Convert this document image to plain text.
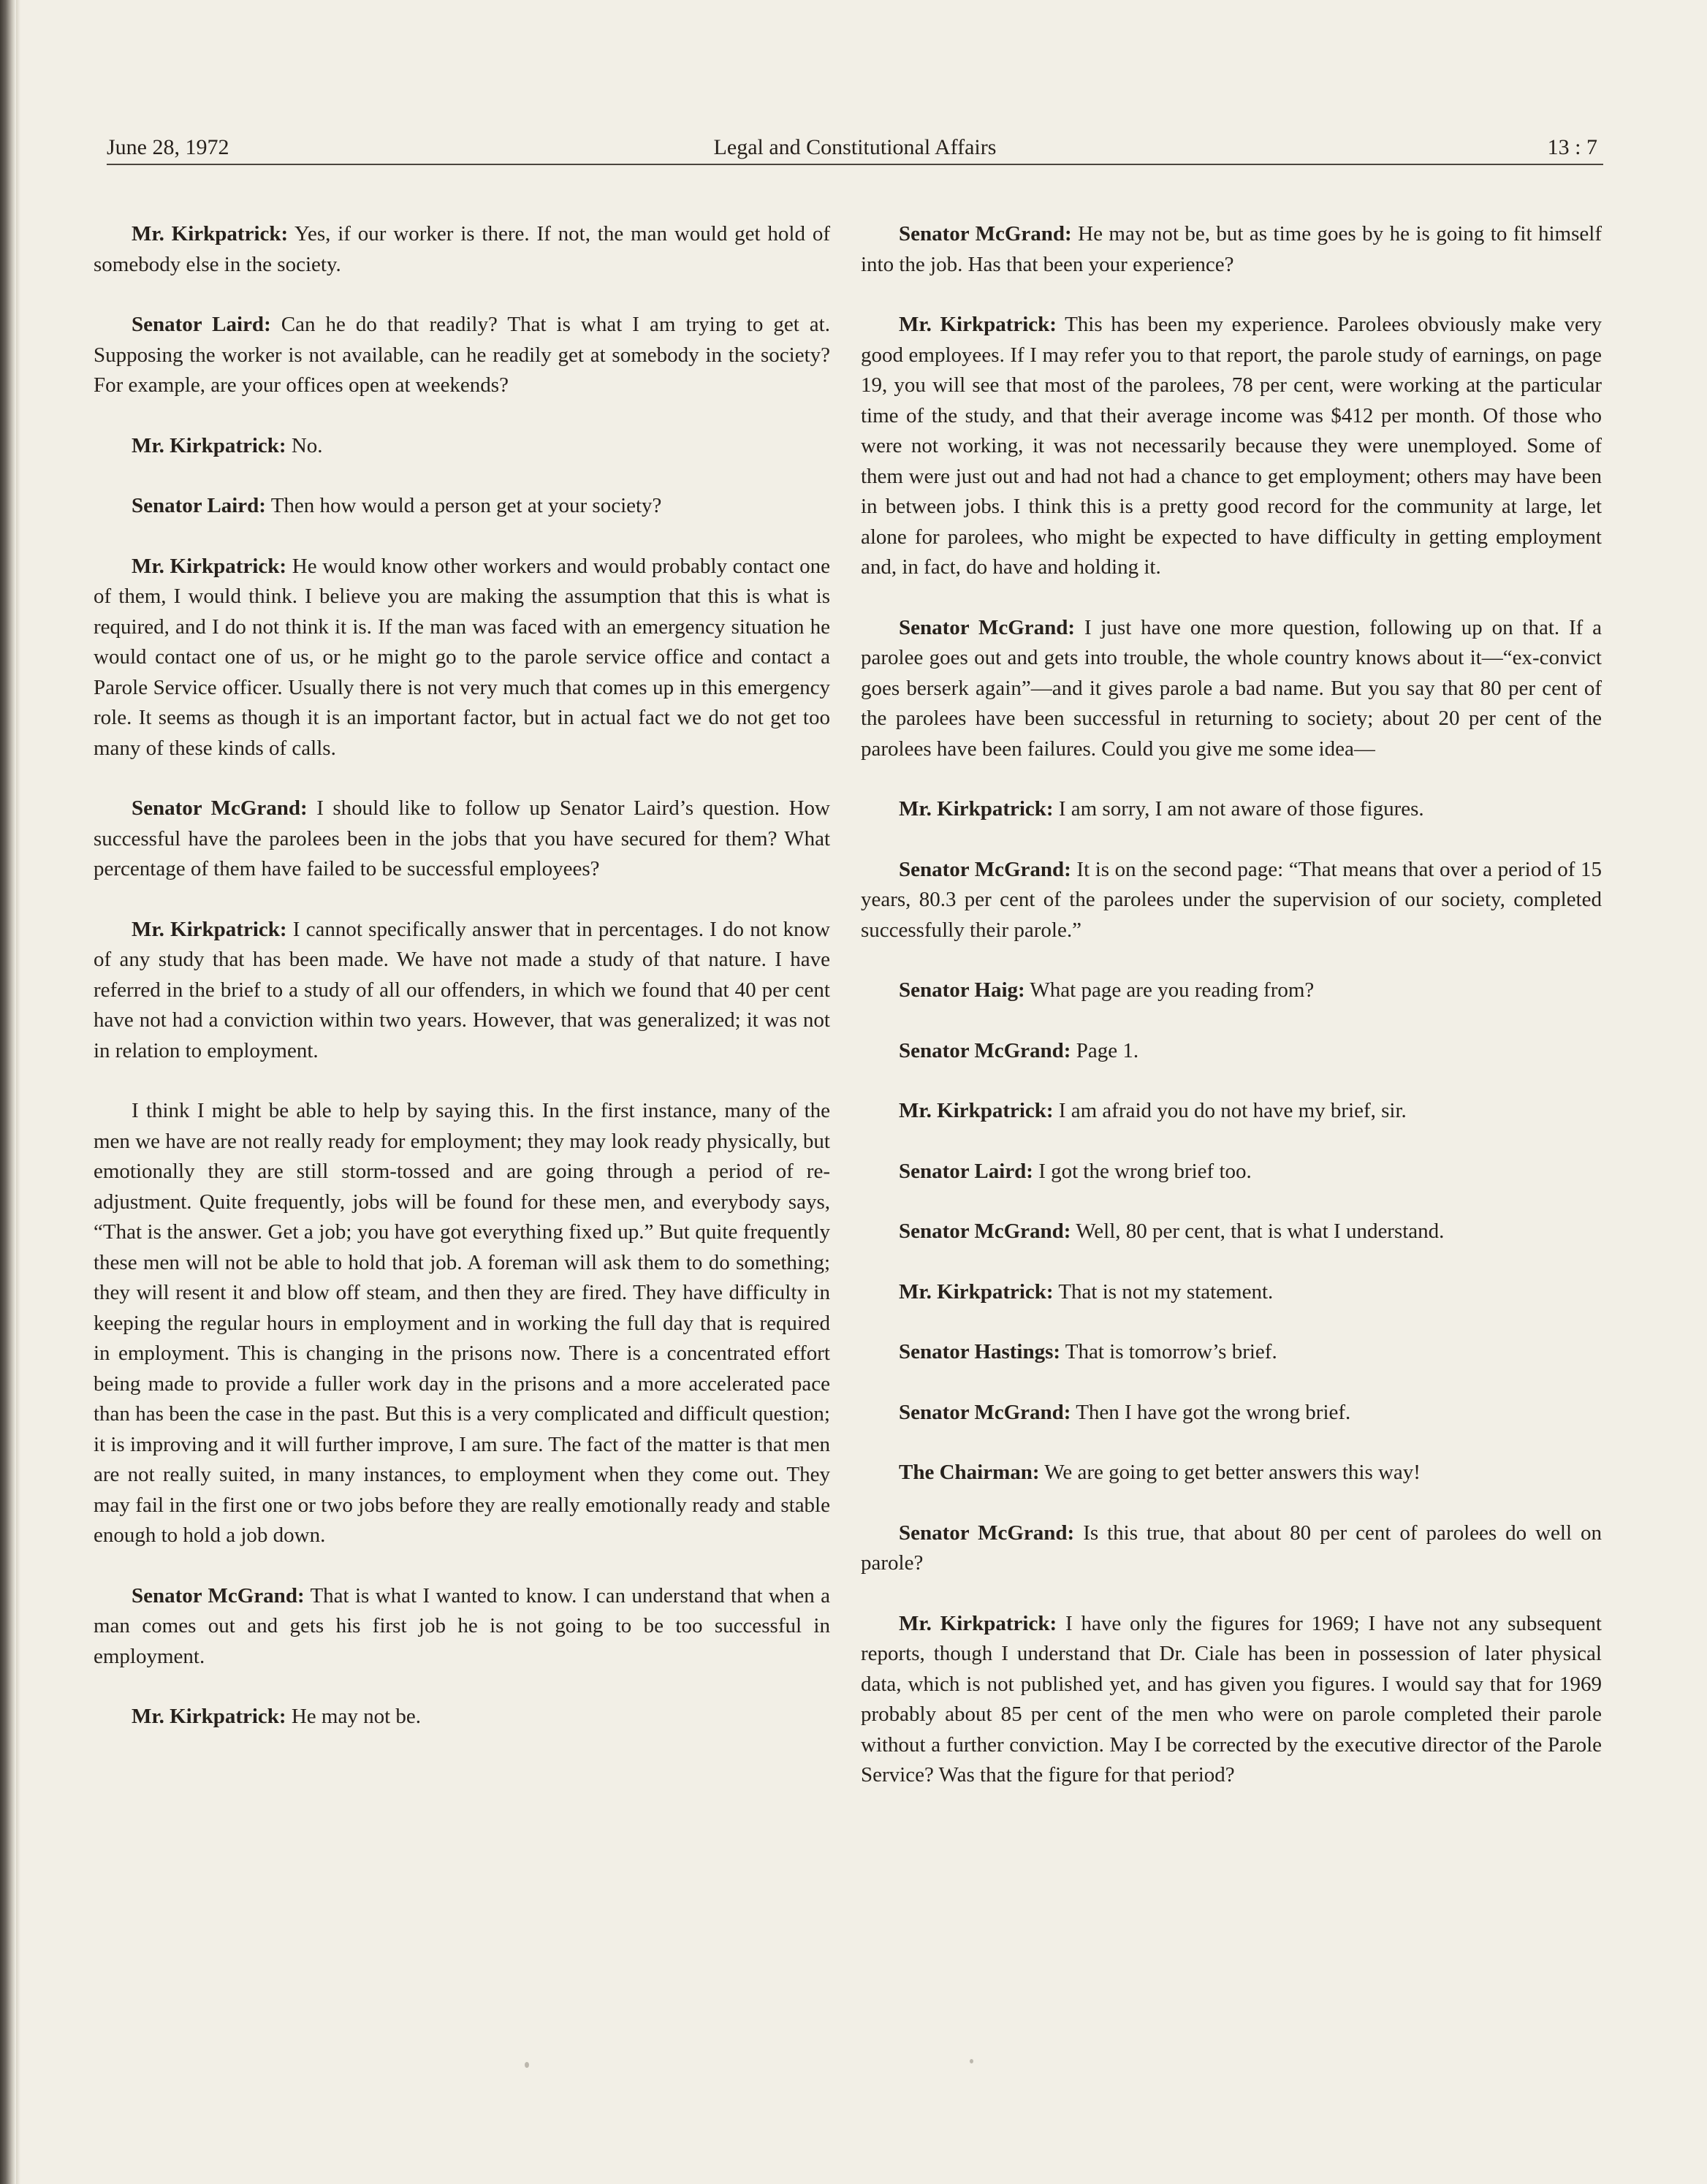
June 28, 1972	Legal and Constitutional Affairs	13 : 7

Mr. Kirkpatrick: Yes, if our worker is there. If not, the man would get hold of somebody else in the society.

Senator Laird: Can he do that readily? That is what I am trying to get at. Supposing the worker is not available, can he readily get at somebody in the society? For example, are your offices open at weekends?

Mr. Kirkpatrick: No.

Senator Laird: Then how would a person get at your society?

Mr. Kirkpatrick: He would know other workers and would probably contact one of them, I would think. I believe you are making the assumption that this is what is required, and I do not think it is. If the man was faced with an emergency situation he would contact one of us, or he might go to the parole service office and contact a Parole Service officer. Usually there is not very much that comes up in this emergency role. It seems as though it is an important factor, but in actual fact we do not get too many of these kinds of calls.

Senator McGrand: I should like to follow up Senator Laird’s question. How successful have the parolees been in the jobs that you have secured for them? What percentage of them have failed to be successful employees?

Mr. Kirkpatrick: I cannot specifically answer that in percentages. I do not know of any study that has been made. We have not made a study of that nature. I have referred in the brief to a study of all our offenders, in which we found that 40 per cent have not had a conviction within two years. However, that was generalized; it was not in relation to employment.

I think I might be able to help by saying this. In the first instance, many of the men we have are not really ready for employment; they may look ready physically, but emotionally they are still storm-tossed and are going through a period of re-adjustment. Quite frequently, jobs will be found for these men, and everybody says, “That is the answer. Get a job; you have got everything fixed up.” But quite frequently these men will not be able to hold that job. A foreman will ask them to do something; they will resent it and blow off steam, and then they are fired. They have difficulty in keeping the regular hours in employment and in working the full day that is required in employment. This is changing in the prisons now. There is a concentrated effort being made to provide a fuller work day in the prisons and a more accelerated pace than has been the case in the past. But this is a very complicated and difficult question; it is improving and it will further improve, I am sure. The fact of the matter is that men are not really suited, in many instances, to employment when they come out. They may fail in the first one or two jobs before they are really emotionally ready and stable enough to hold a job down.

Senator McGrand: That is what I wanted to know. I can understand that when a man comes out and gets his first job he is not going to be too successful in employment.

Mr. Kirkpatrick: He may not be.

Senator McGrand: He may not be, but as time goes by he is going to fit himself into the job. Has that been your experience?

Mr. Kirkpatrick: This has been my experience. Parolees obviously make very good employees. If I may refer you to that report, the parole study of earnings, on page 19, you will see that most of the parolees, 78 per cent, were working at the particular time of the study, and that their average income was $412 per month. Of those who were not working, it was not necessarily because they were unemployed. Some of them were just out and had not had a chance to get employment; others may have been in between jobs. I think this is a pretty good record for the community at large, let alone for parolees, who might be expected to have difficulty in getting employment and, in fact, do have and holding it.

Senator McGrand: I just have one more question, following up on that. If a parolee goes out and gets into trouble, the whole country knows about it—“ex-convict goes berserk again”—and it gives parole a bad name. But you say that 80 per cent of the parolees have been successful in returning to society; about 20 per cent of the parolees have been failures. Could you give me some idea—

Mr. Kirkpatrick: I am sorry, I am not aware of those figures.

Senator McGrand: It is on the second page: “That means that over a period of 15 years, 80.3 per cent of the parolees under the supervision of our society, completed successfully their parole.”

Senator Haig: What page are you reading from?

Senator McGrand: Page 1.

Mr. Kirkpatrick: I am afraid you do not have my brief, sir.

Senator Laird: I got the wrong brief too.

Senator McGrand: Well, 80 per cent, that is what I understand.

Mr. Kirkpatrick: That is not my statement.

Senator Hastings: That is tomorrow’s brief.

Senator McGrand: Then I have got the wrong brief.

The Chairman: We are going to get better answers this way!

Senator McGrand: Is this true, that about 80 per cent of parolees do well on parole?

Mr. Kirkpatrick: I have only the figures for 1969; I have not any subsequent reports, though I understand that Dr. Ciale has been in possession of later physical data, which is not published yet, and has given you figures. I would say that for 1969 probably about 85 per cent of the men who were on parole completed their parole without a further conviction. May I be corrected by the executive director of the Parole Service? Was that the figure for that period?
